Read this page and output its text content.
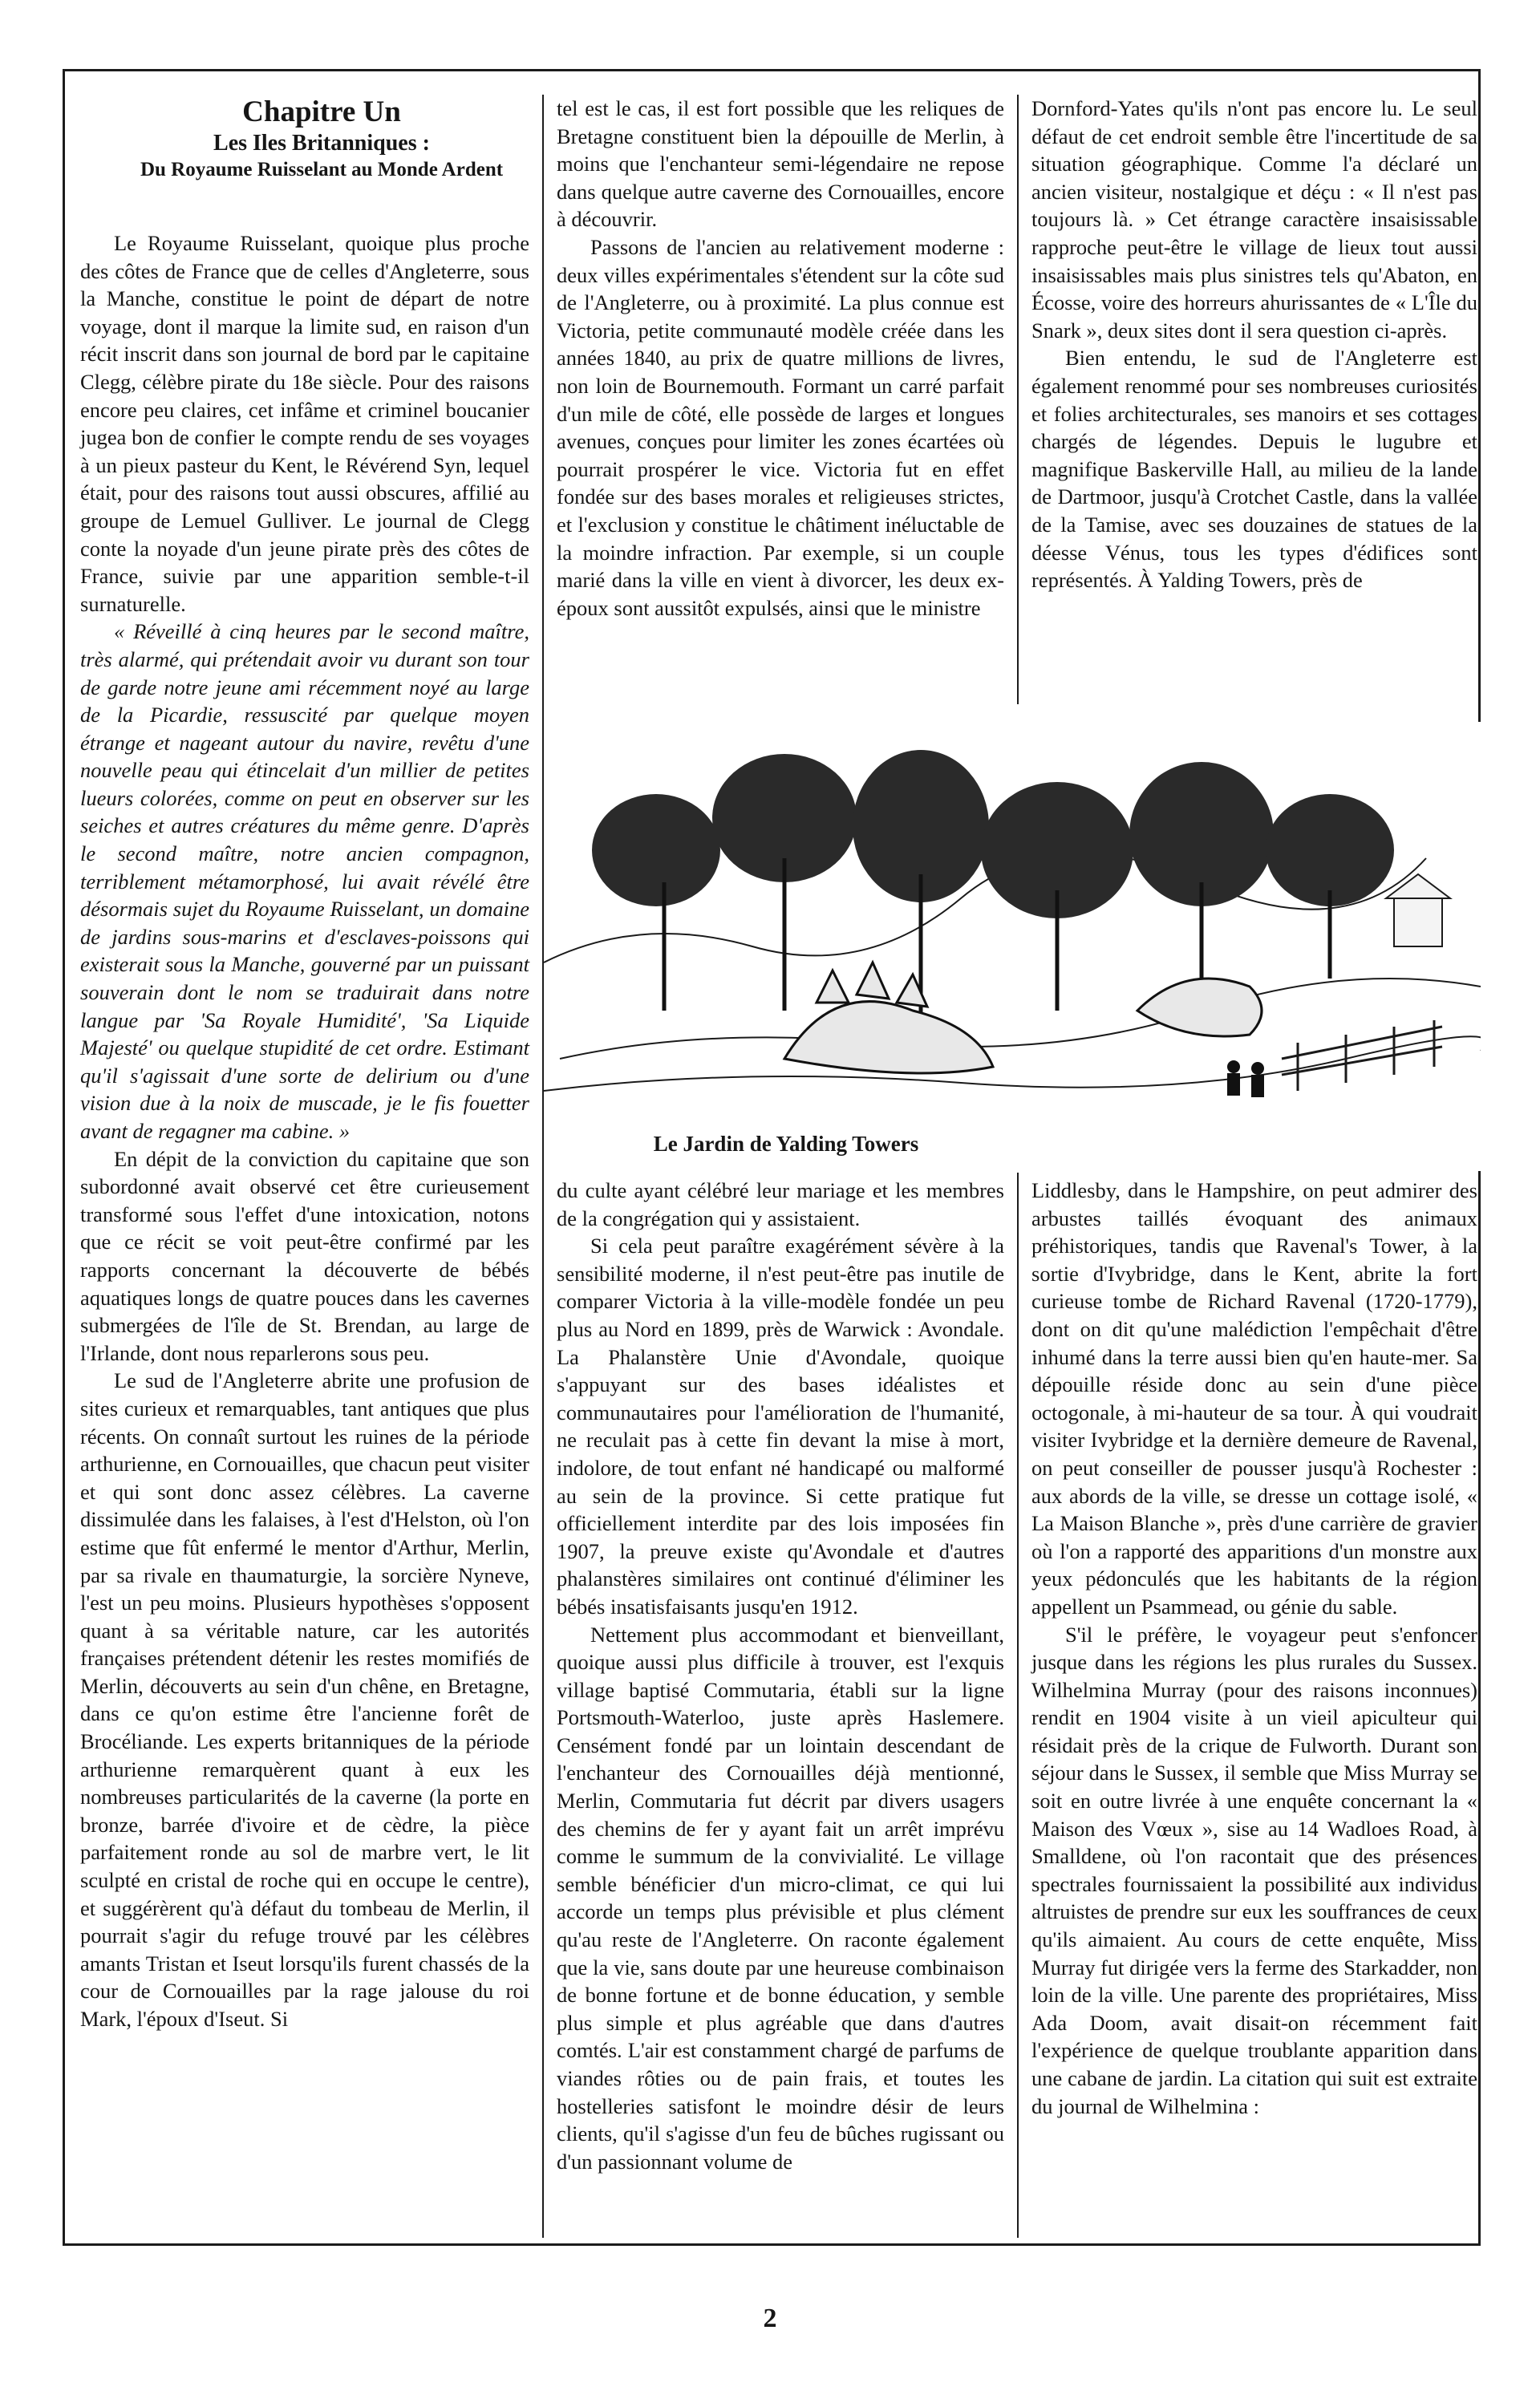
Chapitre Un

Les Iles Britanniques :

Du Royaume Ruisselant au Monde Ardent

Le Royaume Ruisselant, quoique plus proche des côtes de France que de celles d'Angleterre, sous la Manche, constitue le point de départ de notre voyage, dont il marque la limite sud, en raison d'un récit inscrit dans son journal de bord par le capitaine Clegg, célèbre pirate du 18e siècle. Pour des raisons encore peu claires, cet infâme et criminel boucanier jugea bon de confier le compte rendu de ses voyages à un pieux pasteur du Kent, le Révérend Syn, lequel était, pour des raisons tout aussi obscures, affilié au groupe de Lemuel Gulliver. Le journal de Clegg conte la noyade d'un jeune pirate près des côtes de France, suivie par une apparition semble-t-il surnaturelle.

« Réveillé à cinq heures par le second maître, très alarmé, qui prétendait avoir vu durant son tour de garde notre jeune ami récemment noyé au large de la Picardie, ressuscité par quelque moyen étrange et nageant autour du navire, revêtu d'une nouvelle peau qui étincelait d'un millier de petites lueurs colorées, comme on peut en observer sur les seiches et autres créatures du même genre. D'après le second maître, notre ancien compagnon, terriblement métamorphosé, lui avait révélé être désormais sujet du Royaume Ruisselant, un domaine de jardins sous-marins et d'esclaves-poissons qui existerait sous la Manche, gouverné par un puissant souverain dont le nom se traduirait dans notre langue par 'Sa Royale Humidité', 'Sa Liquide Majesté' ou quelque stupidité de cet ordre. Estimant qu'il s'agissait d'une sorte de delirium ou d'une vision due à la noix de muscade, je le fis fouetter avant de regagner ma cabine. »

En dépit de la conviction du capitaine que son subordonné avait observé cet être curieusement transformé sous l'effet d'une intoxication, notons que ce récit se voit peut-être confirmé par les rapports concernant la découverte de bébés aquatiques longs de quatre pouces dans les cavernes submergées de l'île de St. Brendan, au large de l'Irlande, dont nous reparlerons sous peu.

Le sud de l'Angleterre abrite une profusion de sites curieux et remarquables, tant antiques que plus récents. On connaît surtout les ruines de la période arthurienne, en Cornouailles, que chacun peut visiter et qui sont donc assez célèbres. La caverne dissimulée dans les falaises, à l'est d'Helston, où l'on estime que fût enfermé le mentor d'Arthur, Merlin, par sa rivale en thaumaturgie, la sorcière Nyneve, l'est un peu moins. Plusieurs hypothèses s'opposent quant à sa véritable nature, car les autorités françaises prétendent détenir les restes momifiés de Merlin, découverts au sein d'un chêne, en Bretagne, dans ce qu'on estime être l'ancienne forêt de Brocéliande. Les experts britanniques de la période arthurienne remarquèrent quant à eux les nombreuses particularités de la caverne (la porte en bronze, barrée d'ivoire et de cèdre, la pièce parfaitement ronde au sol de marbre vert, le lit sculpté en cristal de roche qui en occupe le centre), et suggérèrent qu'à défaut du tombeau de Merlin, il pourrait s'agir du refuge trouvé par les célèbres amants Tristan et Iseut lorsqu'ils furent chassés de la cour de Cornouailles par la rage jalouse du roi Mark, l'époux d'Iseut. Si

tel est le cas, il est fort possible que les reliques de Bretagne constituent bien la dépouille de Merlin, à moins que l'enchanteur semi-légendaire ne repose dans quelque autre caverne des Cornouailles, encore à découvrir.

Passons de l'ancien au relativement moderne : deux villes expérimentales s'étendent sur la côte sud de l'Angleterre, ou à proximité. La plus connue est Victoria, petite communauté modèle créée dans les années 1840, au prix de quatre millions de livres, non loin de Bournemouth. Formant un carré parfait d'un mile de côté, elle possède de larges et longues avenues, conçues pour limiter les zones écartées où pourrait prospérer le vice. Victoria fut en effet fondée sur des bases morales et religieuses strictes, et l'exclusion y constitue le châtiment inéluctable de la moindre infraction. Par exemple, si un couple marié dans la ville en vient à divorcer, les deux ex-époux sont aussitôt expulsés, ainsi que le ministre

Dornford-Yates qu'ils n'ont pas encore lu. Le seul défaut de cet endroit semble être l'incertitude de sa situation géographique. Comme l'a déclaré un ancien visiteur, nostalgique et déçu : « Il n'est pas toujours là. » Cet étrange caractère insaisissable rapproche peut-être le village de lieux tout aussi insaisissables mais plus sinistres tels qu'Abaton, en Écosse, voire des horreurs ahurissantes de « L'Île du Snark », deux sites dont il sera question ci-après.

Bien entendu, le sud de l'Angleterre est également renommé pour ses nombreuses curiosités et folies architecturales, ses manoirs et ses cottages chargés de légendes. Depuis le lugubre et magnifique Baskerville Hall, au milieu de la lande de Dartmoor, jusqu'à Crotchet Castle, dans la vallée de la Tamise, avec ses douzaines de statues de la déesse Vénus, tous les types d'édifices sont représentés. À Yalding Towers, près de

Le Jardin de Yalding Towers

du culte ayant célébré leur mariage et les membres de la congrégation qui y assistaient.

Si cela peut paraître exagérément sévère à la sensibilité moderne, il n'est peut-être pas inutile de comparer Victoria à la ville-modèle fondée un peu plus au Nord en 1899, près de Warwick : Avondale. La Phalanstère Unie d'Avondale, quoique s'appuyant sur des bases idéalistes et communautaires pour l'amélioration de l'humanité, ne reculait pas à cette fin devant la mise à mort, indolore, de tout enfant né handicapé ou malformé au sein de la province. Si cette pratique fut officiellement interdite par des lois imposées fin 1907, la preuve existe qu'Avondale et d'autres phalanstères similaires ont continué d'éliminer les bébés insatisfaisants jusqu'en 1912.

Nettement plus accommodant et bienveillant, quoique aussi plus difficile à trouver, est l'exquis village baptisé Commutaria, établi sur la ligne Portsmouth-Waterloo, juste après Haslemere. Censément fondé par un lointain descendant de l'enchanteur des Cornouailles déjà mentionné, Merlin, Commutaria fut décrit par divers usagers des chemins de fer y ayant fait un arrêt imprévu comme le summum de la convivialité. Le village semble bénéficier d'un micro-climat, ce qui lui accorde un temps plus prévisible et plus clément qu'au reste de l'Angleterre. On raconte également que la vie, sans doute par une heureuse combinaison de bonne fortune et de bonne éducation, y semble plus simple et plus agréable que dans d'autres comtés. L'air est constamment chargé de parfums de viandes rôties ou de pain frais, et toutes les hostelleries satisfont le moindre désir de leurs clients, qu'il s'agisse d'un feu de bûches rugissant ou d'un passionnant volume de

Liddlesby, dans le Hampshire, on peut admirer des arbustes taillés évoquant des animaux préhistoriques, tandis que Ravenal's Tower, à la sortie d'Ivybridge, dans le Kent, abrite la fort curieuse tombe de Richard Ravenal (1720-1779), dont on dit qu'une malédiction l'empêchait d'être inhumé dans la terre aussi bien qu'en haute-mer. Sa dépouille réside donc au sein d'une pièce octogonale, à mi-hauteur de sa tour. À qui voudrait visiter Ivybridge et la dernière demeure de Ravenal, on peut conseiller de pousser jusqu'à Rochester : aux abords de la ville, se dresse un cottage isolé, « La Maison Blanche », près d'une carrière de gravier où l'on a rapporté des apparitions d'un monstre aux yeux pédonculés que les habitants de la région appellent un Psammead, ou génie du sable.

S'il le préfère, le voyageur peut s'enfoncer jusque dans les régions les plus rurales du Sussex. Wilhelmina Murray (pour des raisons inconnues) rendit en 1904 visite à un vieil apiculteur qui résidait près de la crique de Fulworth. Durant son séjour dans le Sussex, il semble que Miss Murray se soit en outre livrée à une enquête concernant la « Maison des Vœux », sise au 14 Wadloes Road, à Smalldene, où l'on racontait que des présences spectrales fournissaient la possibilité aux individus altruistes de prendre sur eux les souffrances de ceux qu'ils aimaient. Au cours de cette enquête, Miss Murray fut dirigée vers la ferme des Starkadder, non loin de la ville. Une parente des propriétaires, Miss Ada Doom, avait disait-on récemment fait l'expérience de quelque troublante apparition dans une cabane de jardin. La citation qui suit est extraite du journal de Wilhelmina :

2
